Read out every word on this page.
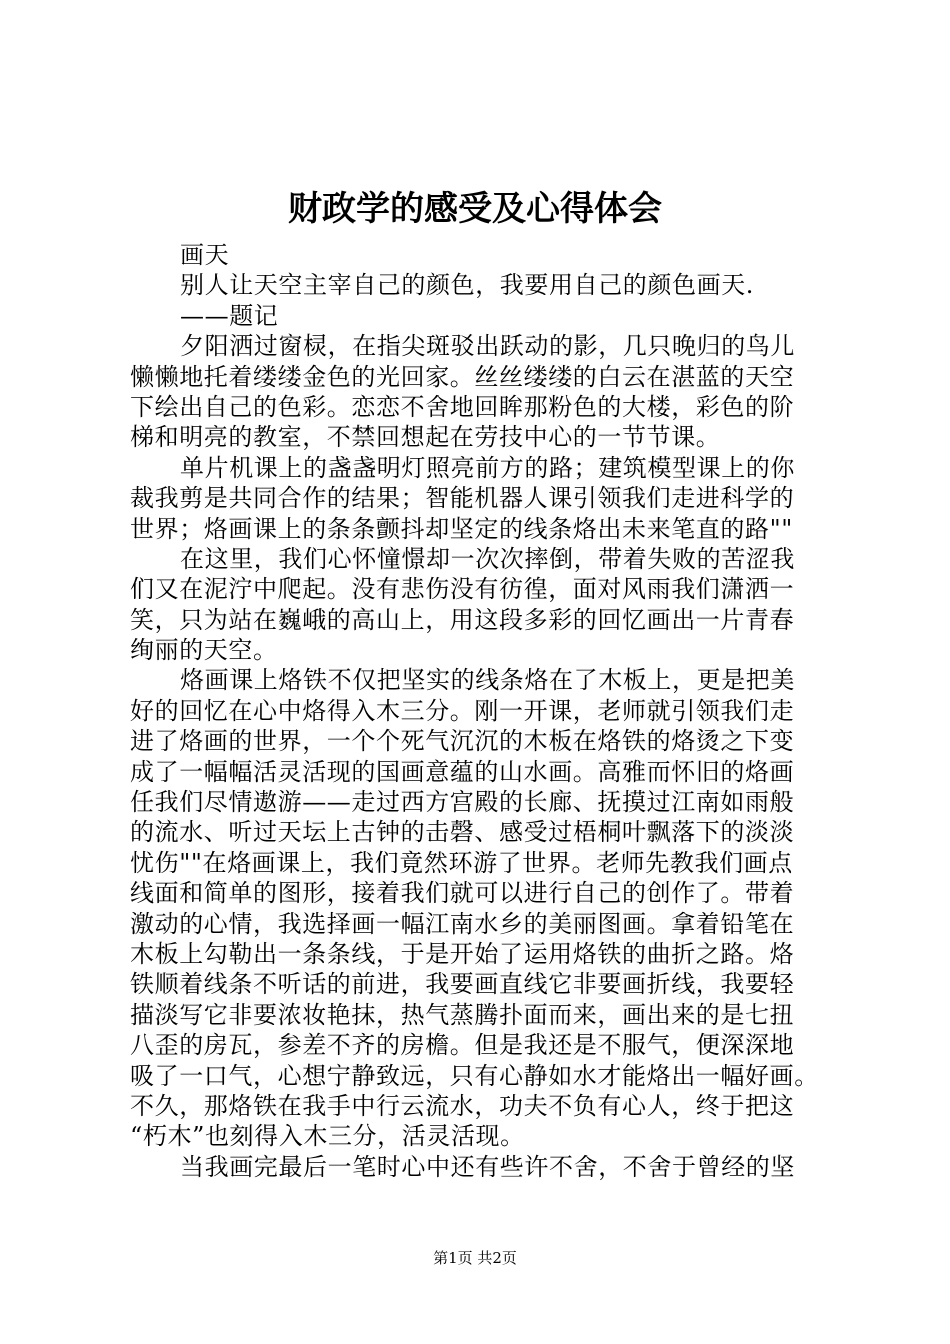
财政学的感受及心得体会
画天
别人让天空主宰自己的颜色，我要用自己的颜色画天.
——题记
夕阳洒过窗棂，在指尖斑驳出跃动的影，几只晚归的鸟儿
懒懒地托着缕缕金色的光回家。丝丝缕缕的白云在湛蓝的天空
下绘出自己的色彩。恋恋不舍地回眸那粉色的大楼，彩色的阶
梯和明亮的教室，不禁回想起在劳技中心的一节节课。
单片机课上的盏盏明灯照亮前方的路；建筑模型课上的你
裁我剪是共同合作的结果；智能机器人课引领我们走进科学的
世界；烙画课上的条条颤抖却坚定的线条烙出未来笔直的路""
在这里，我们心怀憧憬却一次次摔倒，带着失败的苦涩我
们又在泥泞中爬起。没有悲伤没有彷徨，面对风雨我们潇洒一
笑，只为站在巍峨的高山上，用这段多彩的回忆画出一片青春
绚丽的天空。
烙画课上烙铁不仅把坚实的线条烙在了木板上，更是把美
好的回忆在心中烙得入木三分。刚一开课，老师就引领我们走
进了烙画的世界，一个个死气沉沉的木板在烙铁的烙烫之下变
成了一幅幅活灵活现的国画意蕴的山水画。高雅而怀旧的烙画
任我们尽情遨游——走过西方宫殿的长廊、抚摸过江南如雨般
的流水、听过天坛上古钟的击磬、感受过梧桐叶飘落下的淡淡
忧伤""在烙画课上，我们竟然环游了世界。老师先教我们画点
线面和简单的图形，接着我们就可以进行自己的创作了。带着
激动的心情，我选择画一幅江南水乡的美丽图画。拿着铅笔在
木板上勾勒出一条条线，于是开始了运用烙铁的曲折之路。烙
铁顺着线条不听话的前进，我要画直线它非要画折线，我要轻
描淡写它非要浓妆艳抹，热气蒸腾扑面而来，画出来的是七扭
八歪的房瓦，参差不齐的房檐。但是我还是不服气，便深深地
吸了一口气，心想宁静致远，只有心静如水才能烙出一幅好画。
不久，那烙铁在我手中行云流水，功夫不负有心人，终于把这
“朽木”也刻得入木三分，活灵活现。
当我画完最后一笔时心中还有些许不舍，不舍于曾经的坚
第1页 共2页
